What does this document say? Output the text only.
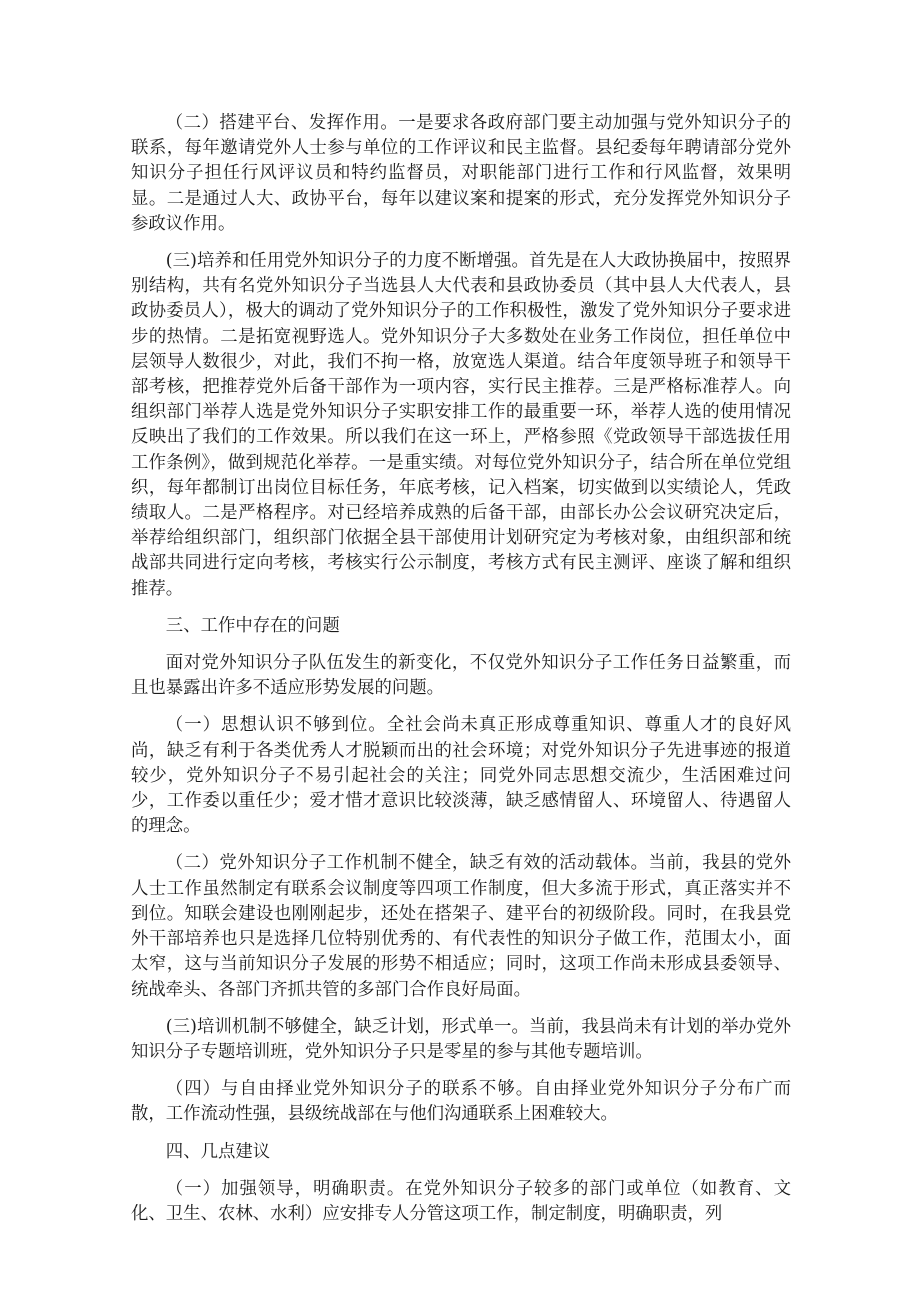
（二）搭建平台、发挥作用。一是要求各政府部门要主动加强与党外知识分子的联系，每年邀请党外人士参与单位的工作评议和民主监督。县纪委每年聘请部分党外知识分子担任行风评议员和特约监督员，对职能部门进行工作和行风监督，效果明显。二是通过人大、政协平台，每年以建议案和提案的形式，充分发挥党外知识分子参政议作用。

(三)培养和任用党外知识分子的力度不断增强。首先是在人大政协换届中，按照界别结构，共有名党外知识分子当选县人大代表和县政协委员（其中县人大代表人，县政协委员人），极大的调动了党外知识分子的工作积极性，激发了党外知识分子要求进步的热情。二是拓宽视野选人。党外知识分子大多数处在业务工作岗位，担任单位中层领导人数很少，对此，我们不拘一格，放宽选人渠道。结合年度领导班子和领导干部考核，把推荐党外后备干部作为一项内容，实行民主推荐。三是严格标准荐人。向组织部门举荐人选是党外知识分子实职安排工作的最重要一环，举荐人选的使用情况反映出了我们的工作效果。所以我们在这一环上，严格参照《党政领导干部选拔任用工作条例》，做到规范化举荐。一是重实绩。对每位党外知识分子，结合所在单位党组织，每年都制订出岗位目标任务，年底考核，记入档案，切实做到以实绩论人，凭政绩取人。二是严格程序。对已经培养成熟的后备干部，由部长办公会议研究决定后，举荐给组织部门，组织部门依据全县干部使用计划研究定为考核对象，由组织部和统战部共同进行定向考核，考核实行公示制度，考核方式有民主测评、座谈了解和组织推荐。

三、工作中存在的问题

面对党外知识分子队伍发生的新变化，不仅党外知识分子工作任务日益繁重，而且也暴露出许多不适应形势发展的问题。

（一）思想认识不够到位。全社会尚未真正形成尊重知识、尊重人才的良好风尚，缺乏有利于各类优秀人才脱颖而出的社会环境；对党外知识分子先进事迹的报道较少，党外知识分子不易引起社会的关注；同党外同志思想交流少，生活困难过问少，工作委以重任少；爱才惜才意识比较淡薄，缺乏感情留人、环境留人、待遇留人的理念。

（二）党外知识分子工作机制不健全，缺乏有效的活动载体。当前，我县的党外人士工作虽然制定有联系会议制度等四项工作制度，但大多流于形式，真正落实并不到位。知联会建设也刚刚起步，还处在搭架子、建平台的初级阶段。同时，在我县党外干部培养也只是选择几位特别优秀的、有代表性的知识分子做工作，范围太小，面太窄，这与当前知识分子发展的形势不相适应；同时，这项工作尚未形成县委领导、统战牵头、各部门齐抓共管的多部门合作良好局面。

(三)培训机制不够健全，缺乏计划，形式单一。当前，我县尚未有计划的举办党外知识分子专题培训班，党外知识分子只是零星的参与其他专题培训。

（四）与自由择业党外知识分子的联系不够。自由择业党外知识分子分布广而散，工作流动性强，县级统战部在与他们沟通联系上困难较大。

四、几点建议

（一）加强领导，明确职责。在党外知识分子较多的部门或单位（如教育、文化、卫生、农林、水利）应安排专人分管这项工作，制定制度，明确职责，列
